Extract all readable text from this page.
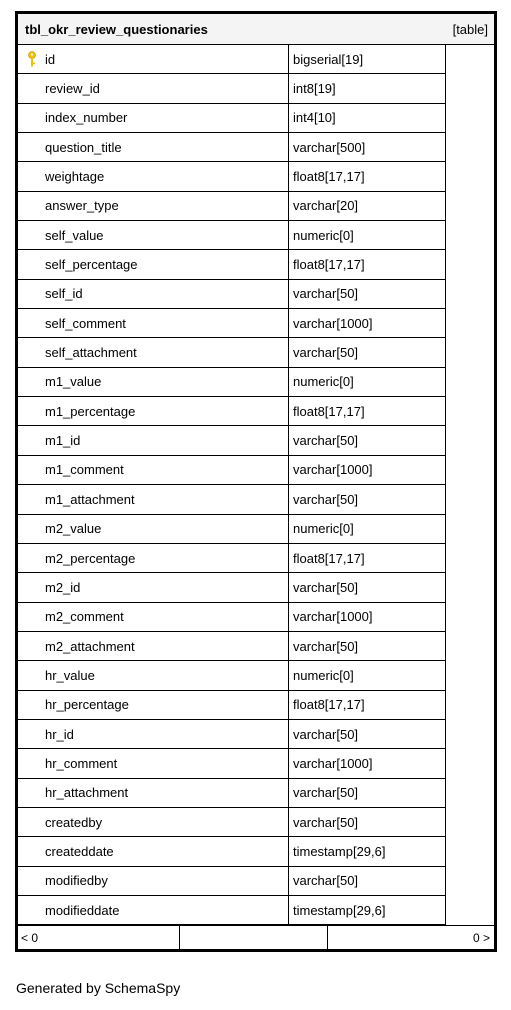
tbl_okr_review_questionaries	[table]
id	bigserial[19]
review_id	int8[19]
index_number	int4[10]
question_title	varchar[500]
weightage	float8[17,17]
answer_type	varchar[20]
self_value	numeric[0]
self_percentage	float8[17,17]
self_id	varchar[50]
self_comment	varchar[1000]
self_attachment	varchar[50]
m1_value	numeric[0]
m1_percentage	float8[17,17]
m1_id	varchar[50]
m1_comment	varchar[1000]
m1_attachment	varchar[50]
m2_value	numeric[0]
m2_percentage	float8[17,17]
m2_id	varchar[50]
m2_comment	varchar[1000]
m2_attachment	varchar[50]
hr_value	numeric[0]
hr_percentage	float8[17,17]
hr_id	varchar[50]
hr_comment	varchar[1000]
hr_attachment	varchar[50]
createdby	varchar[50]
createddate	timestamp[29,6]
modifiedby	varchar[50]
modifieddate	timestamp[29,6]
< 0	0 >
Generated by SchemaSpy
